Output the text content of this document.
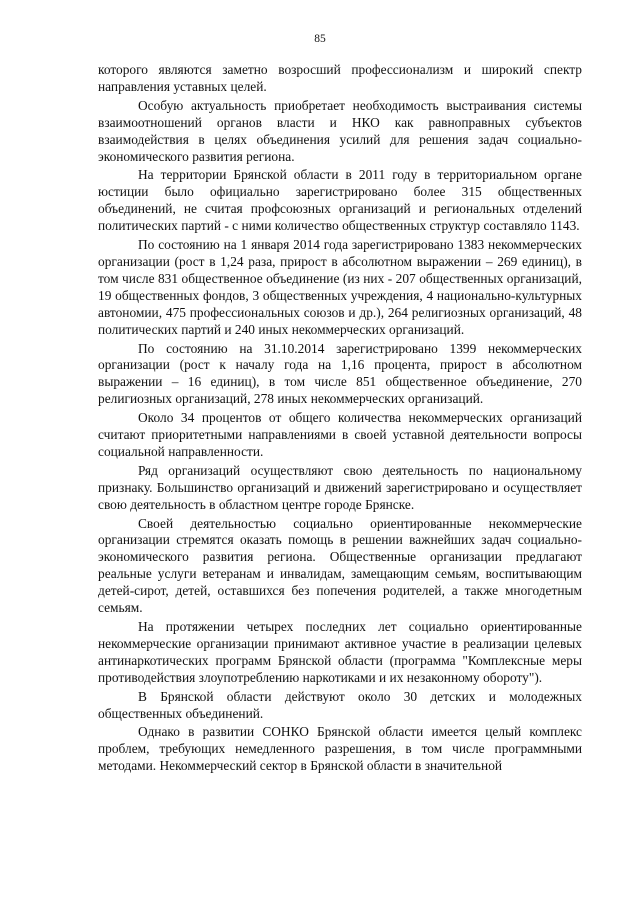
85

которого являются заметно возросший профессионализм и широкий спектр направления уставных целей.

Особую актуальность приобретает необходимость выстраивания системы взаимоотношений органов власти и НКО как равноправных субъектов взаимодействия в целях объединения усилий для решения задач социально-экономического развития региона.

На территории Брянской области в 2011 году в территориальном органе юстиции было официально зарегистрировано более 315 общественных объединений, не считая профсоюзных организаций и региональных отделений политических партий - с ними количество общественных структур составляло 1143.

По состоянию на 1 января 2014 года зарегистрировано 1383 некоммерческих организации (рост в 1,24 раза, прирост в абсолютном выражении – 269 единиц), в том числе 831 общественное объединение (из них - 207 общественных организаций, 19 общественных фондов, 3 общественных учреждения, 4 национально-культурных автономии, 475 профессиональных союзов и др.), 264 религиозных организаций, 48 политических партий и 240 иных некоммерческих организаций.

По состоянию на 31.10.2014 зарегистрировано 1399 некоммерческих организации (рост к началу года на 1,16 процента, прирост в абсолютном выражении – 16 единиц), в том числе 851 общественное объединение, 270 религиозных организаций, 278 иных некоммерческих организаций.

Около 34 процентов от общего количества некоммерческих организаций считают приоритетными направлениями в своей уставной деятельности вопросы социальной направленности.

Ряд организаций осуществляют свою деятельность по национальному признаку. Большинство организаций и движений зарегистрировано и осуществляет свою деятельность в областном центре городе Брянске.

Своей деятельностью социально ориентированные некоммерческие организации стремятся оказать помощь в решении важнейших задач социально-экономического развития региона. Общественные организации предлагают реальные услуги ветеранам и инвалидам, замещающим семьям, воспитывающим детей-сирот, детей, оставшихся без попечения родителей, а также многодетным семьям.

На протяжении четырех последних лет социально ориентированные некоммерческие организации принимают активное участие в реализации целевых антинаркотических программ Брянской области (программа "Комплексные меры противодействия злоупотреблению наркотиками и их незаконному обороту").

В Брянской области действуют около 30 детских и молодежных общественных объединений.

Однако в развитии СОНКО Брянской области имеется целый комплекс проблем, требующих немедленного разрешения, в том числе программными методами. Некоммерческий сектор в Брянской области в значительной
